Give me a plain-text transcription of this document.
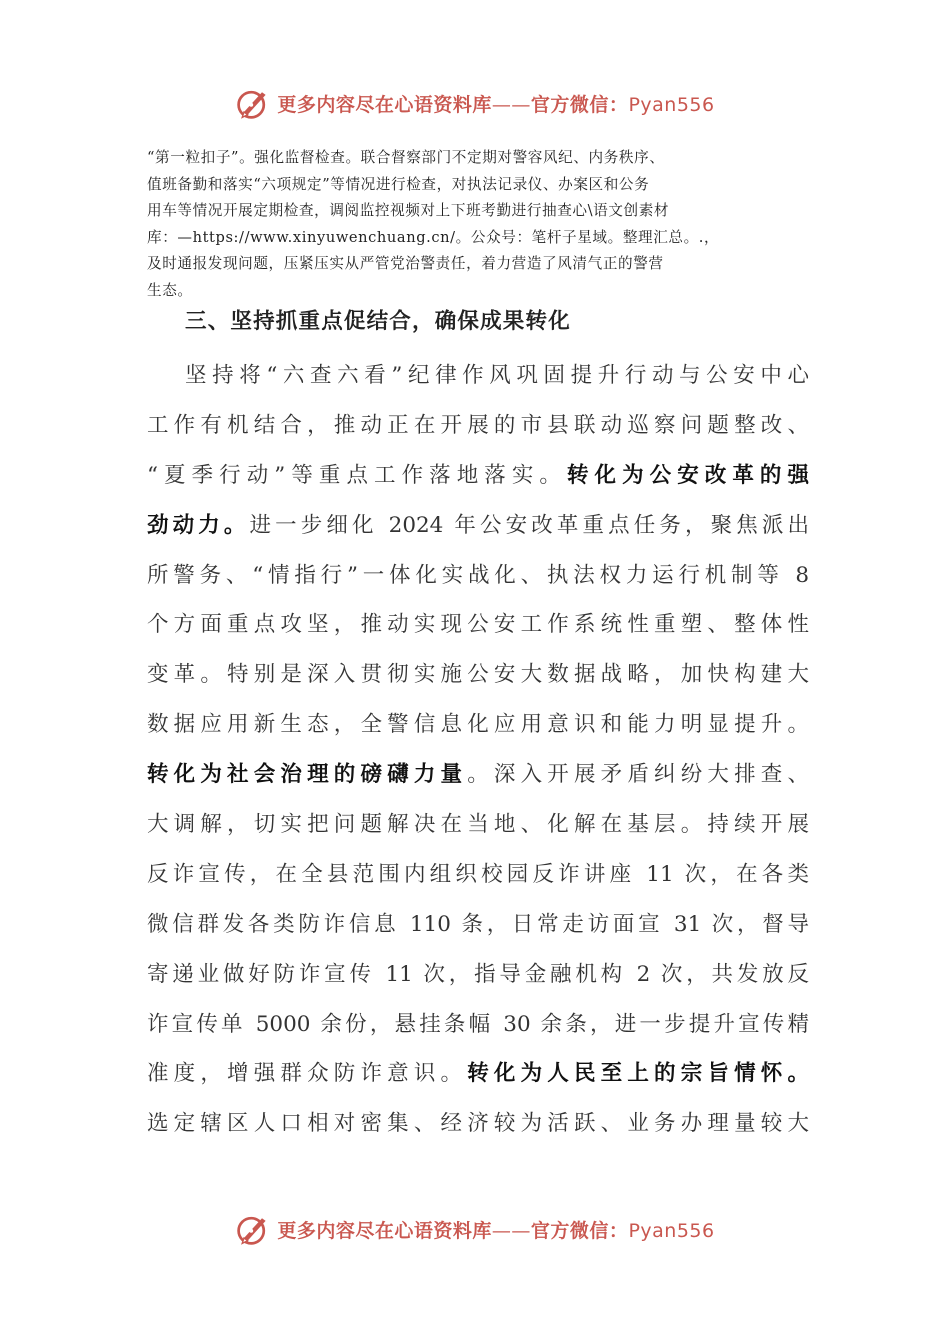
更多内容尽在心语资料库——官方微信：Pyan556
“第一粒扣子”。强化监督检查。联合督察部门不定期对警容风纪、内务秩序、
值班备勤和落实“六项规定”等情况进行检查，对执法记录仪、办案区和公务
用车等情况开展定期检查，调阅监控视频对上下班考勤进行抽查心\语文创素材
库：—https://www.xinyuwenchuang.cn/。公众号：笔杆子星域。整理汇总。.，
及时通报发现问题，压紧压实从严管党治警责任，着力营造了风清气正的警营
生态。
三、坚持抓重点促结合，确保成果转化
坚持将“六查六看”纪律作风巩固提升行动与公安中心
工作有机结合，推动正在开展的市县联动巡察问题整改、
“夏季行动”等重点工作落地落实。转化为公安改革的强
劲动力。进一步细化 2024 年公安改革重点任务，聚焦派出
所警务、“情指行”一体化实战化、执法权力运行机制等 8
个方面重点攻坚，推动实现公安工作系统性重塑、整体性
变革。特别是深入贯彻实施公安大数据战略，加快构建大
数据应用新生态，全警信息化应用意识和能力明显提升。
转化为社会治理的磅礴力量。深入开展矛盾纠纷大排查、
大调解，切实把问题解决在当地、化解在基层。持续开展
反诈宣传，在全县范围内组织校园反诈讲座 11 次，在各类
微信群发各类防诈信息 110 条，日常走访面宣 31 次，督导
寄递业做好防诈宣传 11 次，指导金融机构 2 次，共发放反
诈宣传单 5000 余份，悬挂条幅 30 余条，进一步提升宣传精
准度，增强群众防诈意识。转化为人民至上的宗旨情怀。
选定辖区人口相对密集、经济较为活跃、业务办理量较大
更多内容尽在心语资料库——官方微信：Pyan556
